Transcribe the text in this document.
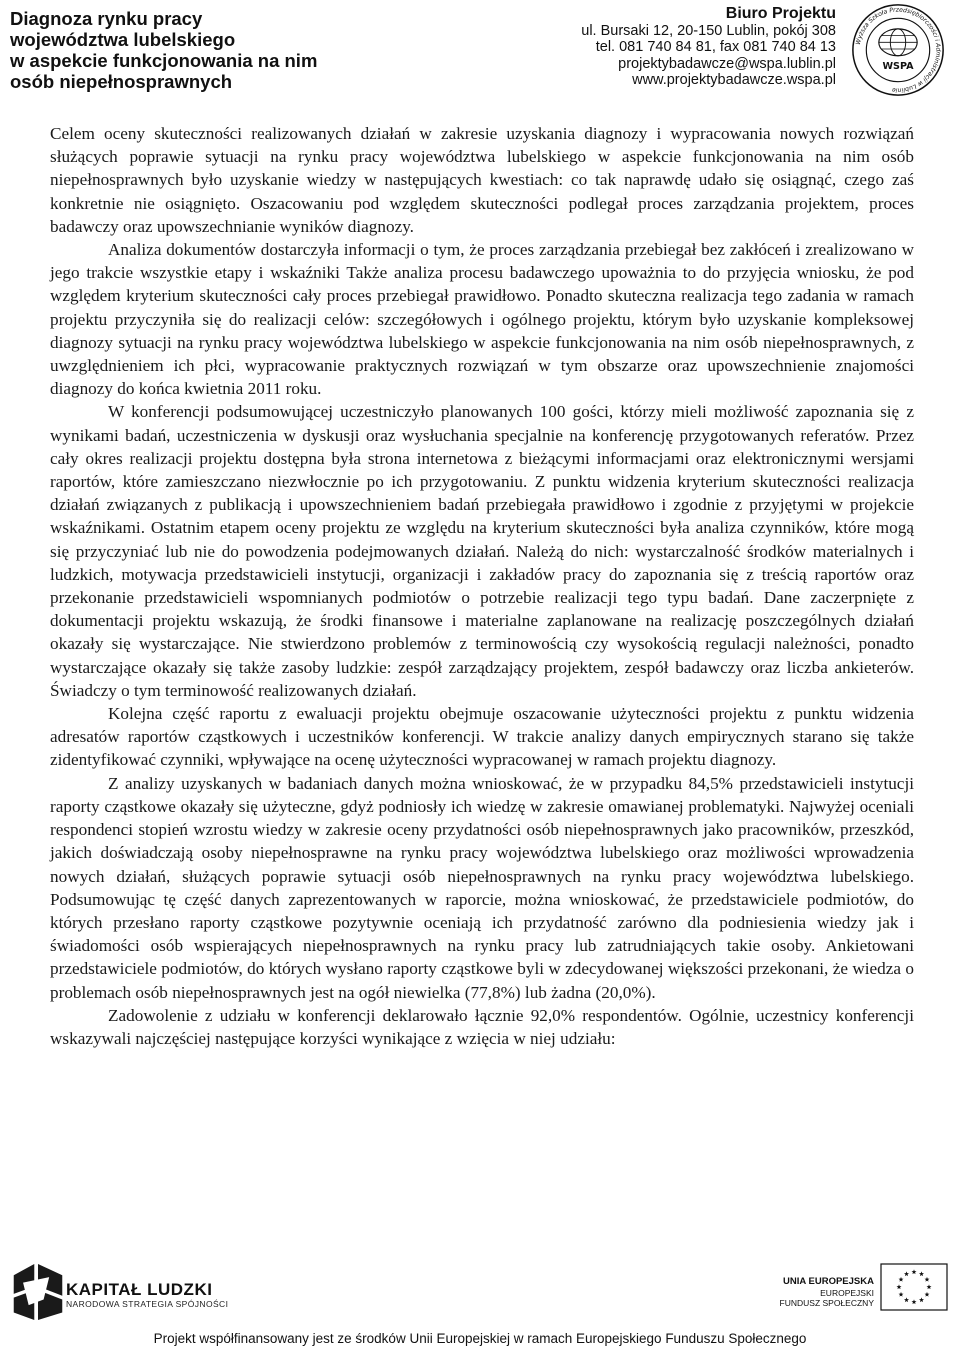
Diagnoza rynku pracy
województwa lubelskiego
w aspekcie funkcjonowania na nim
osób niepełnosprawnych
Biuro Projektu
ul. Bursaki 12, 20-150 Lublin, pokój 308
tel. 081 740 84 81, fax 081 740 84 13
projektybadawcze@wspa.lublin.pl
www.projektybadawcze.wspa.pl
Wyższa Szkoła Przedsiębiorczości i Administracji w Lublinie
WSPA

Celem oceny skuteczności realizowanych działań w zakresie uzyskania diagnozy i wypracowania nowych rozwiązań służących poprawie sytuacji na rynku pracy województwa lubelskiego w aspekcie funkcjonowania na nim osób niepełnosprawnych było uzyskanie wiedzy w następujących kwestiach: co tak naprawdę udało się osiągnąć, czego zaś konkretnie nie osiągnięto. Oszacowaniu pod względem skuteczności podlegał proces zarządzania projektem, proces badawczy oraz upowszechnianie wyników diagnozy.

Analiza dokumentów dostarczyła informacji o tym, że proces zarządzania przebiegał bez zakłóceń i zrealizowano w jego trakcie wszystkie etapy i wskaźniki Także analiza procesu badawczego upoważnia to do przyjęcia wniosku, że pod względem kryterium skuteczności cały proces przebiegał prawidłowo. Ponadto skuteczna realizacja tego zadania w ramach projektu przyczyniła się do realizacji celów: szczegółowych i ogólnego projektu, którym było uzyskanie kompleksowej diagnozy sytuacji na rynku pracy województwa lubelskiego w aspekcie funkcjonowania na nim osób niepełnosprawnych, z uwzględnieniem ich płci, wypracowanie praktycznych rozwiązań w tym obszarze oraz upowszechnienie znajomości diagnozy do końca kwietnia 2011 roku.

W konferencji podsumowującej uczestniczyło planowanych 100 gości, którzy mieli możliwość zapoznania się z wynikami badań, uczestniczenia w dyskusji oraz wysłuchania specjalnie na konferencję przygotowanych referatów. Przez cały okres realizacji projektu dostępna była strona internetowa z bieżącymi informacjami oraz elektronicznymi wersjami raportów, które zamieszczano niezwłocznie po ich przygotowaniu. Z punktu widzenia kryterium skuteczności realizacja działań związanych z publikacją i upowszechnieniem badań przebiegała prawidłowo i zgodnie z przyjętymi w projekcie wskaźnikami. Ostatnim etapem oceny projektu ze względu na kryterium skuteczności była analiza czynników, które mogą się przyczyniać lub nie do powodzenia podejmowanych działań. Należą do nich: wystarczalność środków materialnych i ludzkich, motywacja przedstawicieli instytucji, organizacji i zakładów pracy do zapoznania się z treścią raportów oraz przekonanie przedstawicieli wspomnianych podmiotów o potrzebie realizacji tego typu badań. Dane zaczerpnięte z dokumentacji projektu wskazują, że środki finansowe i materialne zaplanowane na realizację poszczególnych działań okazały się wystarczające. Nie stwierdzono problemów z terminowością czy wysokością regulacji należności, ponadto wystarczające okazały się także zasoby ludzkie: zespół zarządzający projektem, zespół badawczy oraz liczba ankieterów. Świadczy o tym terminowość realizowanych działań.

Kolejna część raportu z ewaluacji projektu obejmuje oszacowanie użyteczności projektu z punktu widzenia adresatów raportów cząstkowych i uczestników konferencji. W trakcie analizy danych empirycznych starano się także zidentyfikować czynniki, wpływające na ocenę użyteczności wypracowanej w ramach projektu diagnozy.

Z analizy uzyskanych w badaniach danych można wnioskować, że w przypadku 84,5% przedstawicieli instytucji raporty cząstkowe okazały się użyteczne, gdyż podniosły ich wiedzę w zakresie omawianej problematyki. Najwyżej oceniali respondenci stopień wzrostu wiedzy w zakresie oceny przydatności osób niepełnosprawnych jako pracowników, przeszkód, jakich doświadczają osoby niepełnosprawne na rynku pracy województwa lubelskiego oraz możliwości wprowadzenia nowych działań, służących poprawie sytuacji osób niepełnosprawnych na rynku pracy województwa lubelskiego. Podsumowując tę część danych zaprezentowanych w raporcie, można wnioskować, że przedstawiciele podmiotów, do których przesłano raporty cząstkowe pozytywnie oceniają ich przydatność zarówno dla podniesienia wiedzy jak i świadomości osób wspierających niepełnosprawnych na rynku pracy lub zatrudniających takie osoby. Ankietowani przedstawiciele podmiotów, do których wysłano raporty cząstkowe byli w zdecydowanej większości przekonani, że wiedza o problemach osób niepełnosprawnych jest na ogół niewielka (77,8%) lub żadna (20,0%).

Zadowolenie z udziału w konferencji deklarowało łącznie 92,0% respondentów. Ogólnie, uczestnicy konferencji wskazywali najczęściej następujące korzyści wynikające z wzięcia w niej udziału:

KAPITAŁ LUDZKI
NARODOWA STRATEGIA SPÓJNOŚCI
UNIA EUROPEJSKA
EUROPEJSKI
FUNDUSZ SPOŁECZNY
Projekt współfinansowany jest ze środków Unii Europejskiej w ramach Europejskiego Funduszu Społecznego
